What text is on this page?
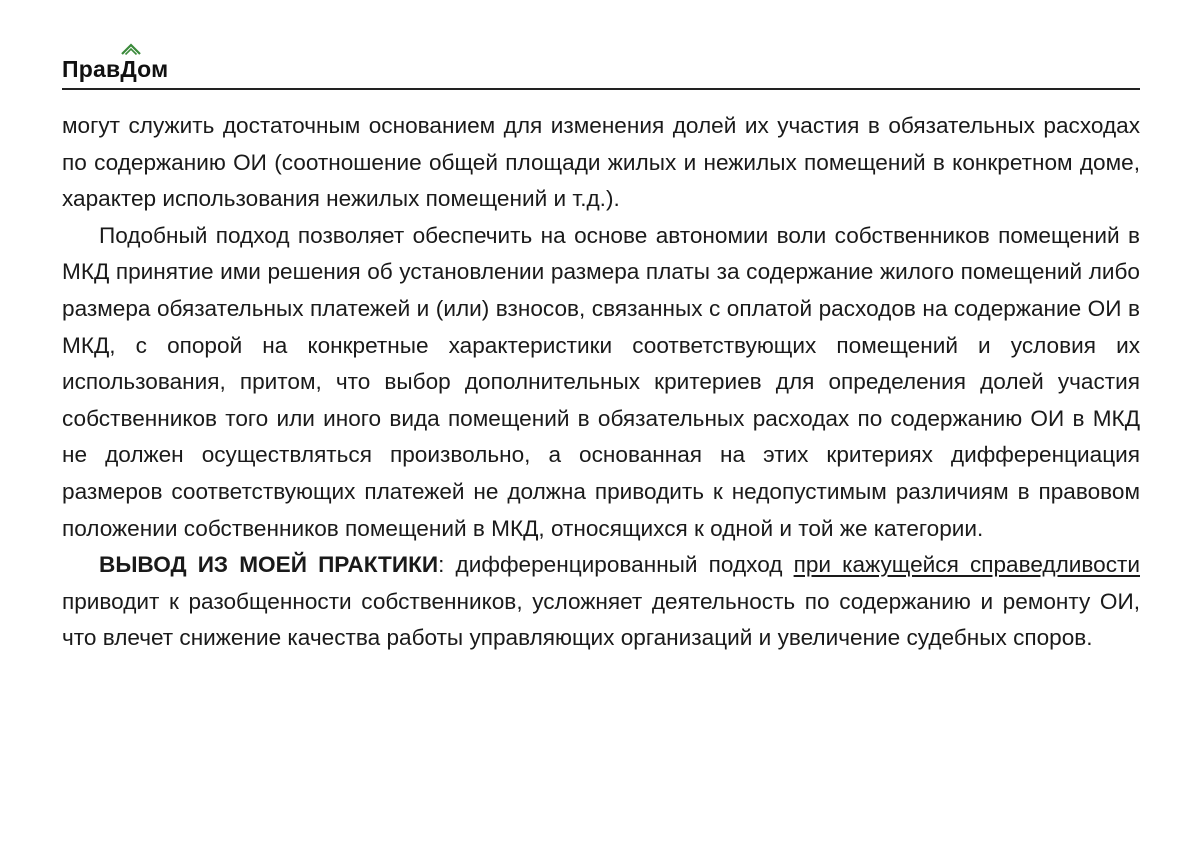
Прав
Дом

могут служить достаточным основанием для изменения долей их участия в обязательных расходах по содержанию ОИ (соотношение общей площади жилых и нежилых помещений в конкретном доме, характер использования нежилых помещений и т.д.).

Подобный подход позволяет обеспечить на основе автономии воли собственников помещений в МКД принятие ими решения об установлении размера платы за содержание жилого помещений либо размера обязательных платежей и (или) взносов, связанных с оплатой расходов на содержание ОИ в МКД, с опорой на конкретные характеристики соответствующих помещений и условия их использования, притом, что выбор дополнительных критериев для определения долей участия собственников того или иного вида помещений в обязательных расходах по содержанию ОИ в МКД не должен осуществляться произвольно, а основанная на этих критериях дифференциация размеров соответствующих платежей не должна приводить к недопустимым различиям в правовом положении собственников помещений в МКД, относящихся к одной и той же категории.

ВЫВОД ИЗ МОЕЙ ПРАКТИКИ: дифференцированный подход при кажущейся справедливости приводит к разобщенности собственников, усложняет деятельность по содержанию и ремонту ОИ, что влечет снижение качества работы управляющих организаций и увеличение судебных споров.
